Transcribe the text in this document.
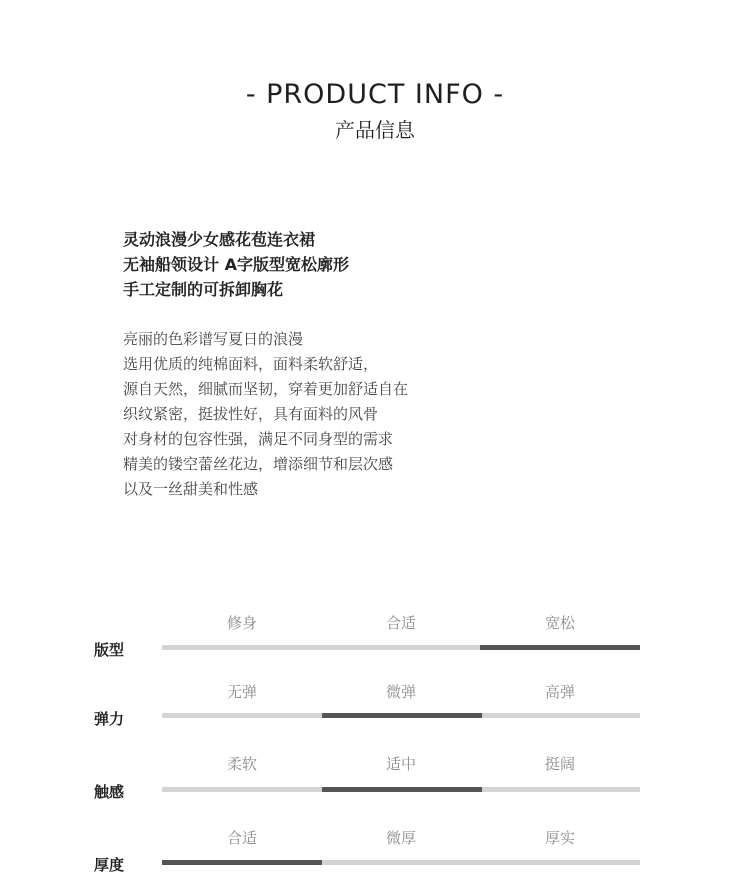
- PRODUCT INFO -
产品信息
灵动浪漫少女感花苞连衣裙
无袖船领设计 A字版型宽松廓形
手工定制的可拆卸胸花
亮丽的色彩谱写夏日的浪漫
选用优质的纯棉面料，面料柔软舒适，
源自天然，细腻而坚韧，穿着更加舒适自在
织纹紧密，挺拔性好，具有面料的风骨
对身材的包容性强，满足不同身型的需求
精美的镂空蕾丝花边，增添细节和层次感
以及一丝甜美和性感
修身	合适	宽松
版型
无弹	微弹	高弹
弹力
柔软	适中	挺阔
触感
合适	微厚	厚实
厚度
